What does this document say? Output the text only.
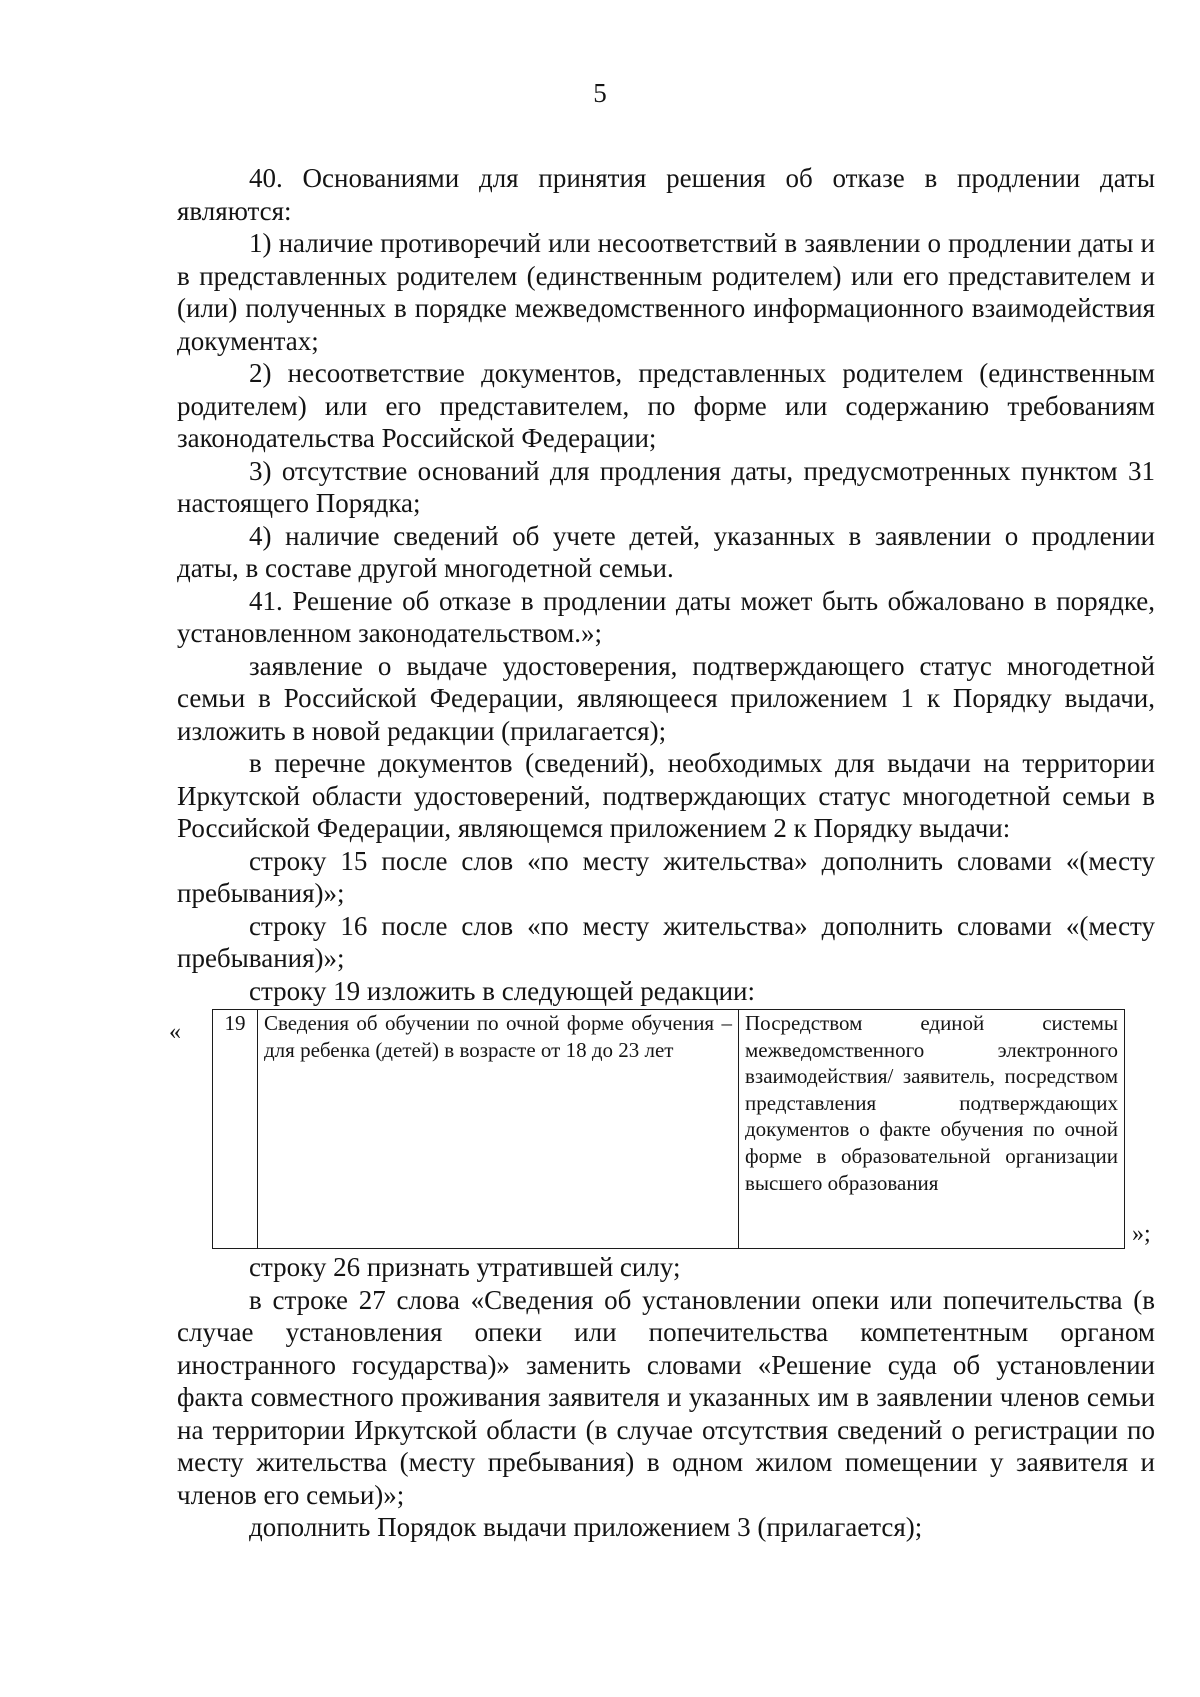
5

40. Основаниями для принятия решения об отказе в продлении даты являются:

1) наличие противоречий или несоответствий в заявлении о продлении даты и в представленных родителем (единственным родителем) или его представителем и (или) полученных в порядке межведомственного информационного взаимодействия документах;

2) несоответствие документов, представленных родителем (единственным родителем) или его представителем, по форме или содержанию требованиям законодательства Российской Федерации;

3) отсутствие оснований для продления даты, предусмотренных пунктом 31 настоящего Порядка;

4) наличие сведений об учете детей, указанных в заявлении о продлении даты, в составе другой многодетной семьи.

41. Решение об отказе в продлении даты может быть обжаловано в порядке, установленном законодательством.»;

заявление о выдаче удостоверения, подтверждающего статус многодетной семьи в Российской Федерации, являющееся приложением 1 к Порядку выдачи, изложить в новой редакции (прилагается);

в перечне документов (сведений), необходимых для выдачи на территории Иркутской области удостоверений, подтверждающих статус многодетной семьи в Российской Федерации, являющемся приложением 2 к Порядку выдачи:

строку 15 после слов «по месту жительства» дополнить словами «(месту пребывания)»;

строку 16 после слов «по месту жительства» дополнить словами «(месту пребывания)»;

строку 19 изложить в следующей редакции:

« 19	Сведения об обучении по очной форме обучения – для ребенка (детей) в возрасте от 18 до 23 лет	Посредством единой системы межведомственного электронного взаимодействия/ заявитель, посредством представления подтверждающих документов о факте обучения по очной форме в образовательной организации высшего образования
»;

строку 26 признать утратившей силу;

в строке 27 слова «Сведения об установлении опеки или попечительства (в случае установления опеки или попечительства компетентным органом иностранного государства)» заменить словами «Решение суда об установлении факта совместного проживания заявителя и указанных им в заявлении членов семьи на территории Иркутской области (в случае отсутствия сведений о регистрации по месту жительства (месту пребывания) в одном жилом помещении у заявителя и членов его семьи)»;

дополнить Порядок выдачи приложением 3 (прилагается);
